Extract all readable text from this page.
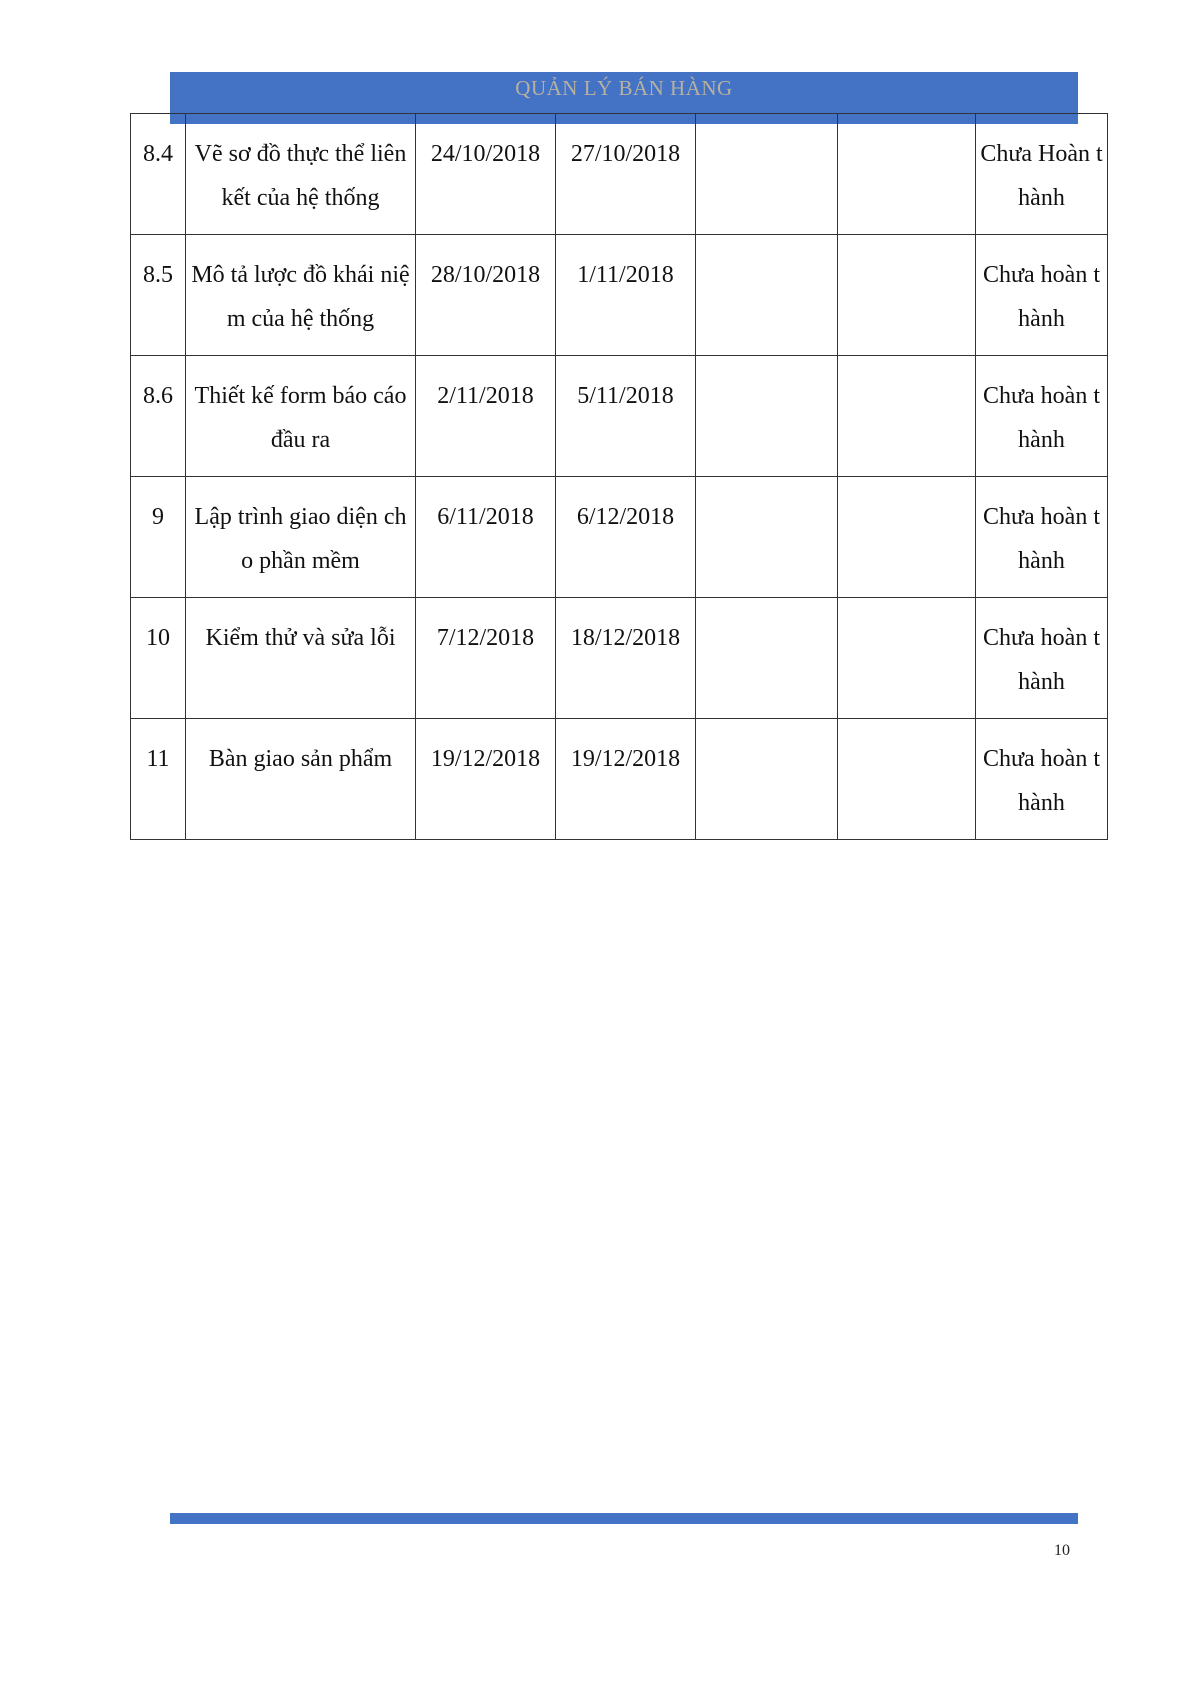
QUẢN LÝ BÁN HÀNG
8.4	Vẽ sơ đồ thực thể liên kết của hệ thống	24/10/2018	27/10/2018			Chưa Hoàn thành
8.5	Mô tả lược đồ khái niệm của hệ thống	28/10/2018	1/11/2018			Chưa hoàn thành
8.6	Thiết kế form báo cáo đầu ra	2/11/2018	5/11/2018			Chưa hoàn thành
9	Lập trình giao diện cho phần mềm	6/11/2018	6/12/2018			Chưa hoàn thành
10	Kiểm thử và sửa lỗi	7/12/2018	18/12/2018			Chưa hoàn thành
11	Bàn giao sản phẩm	19/12/2018	19/12/2018			Chưa hoàn thành
10
